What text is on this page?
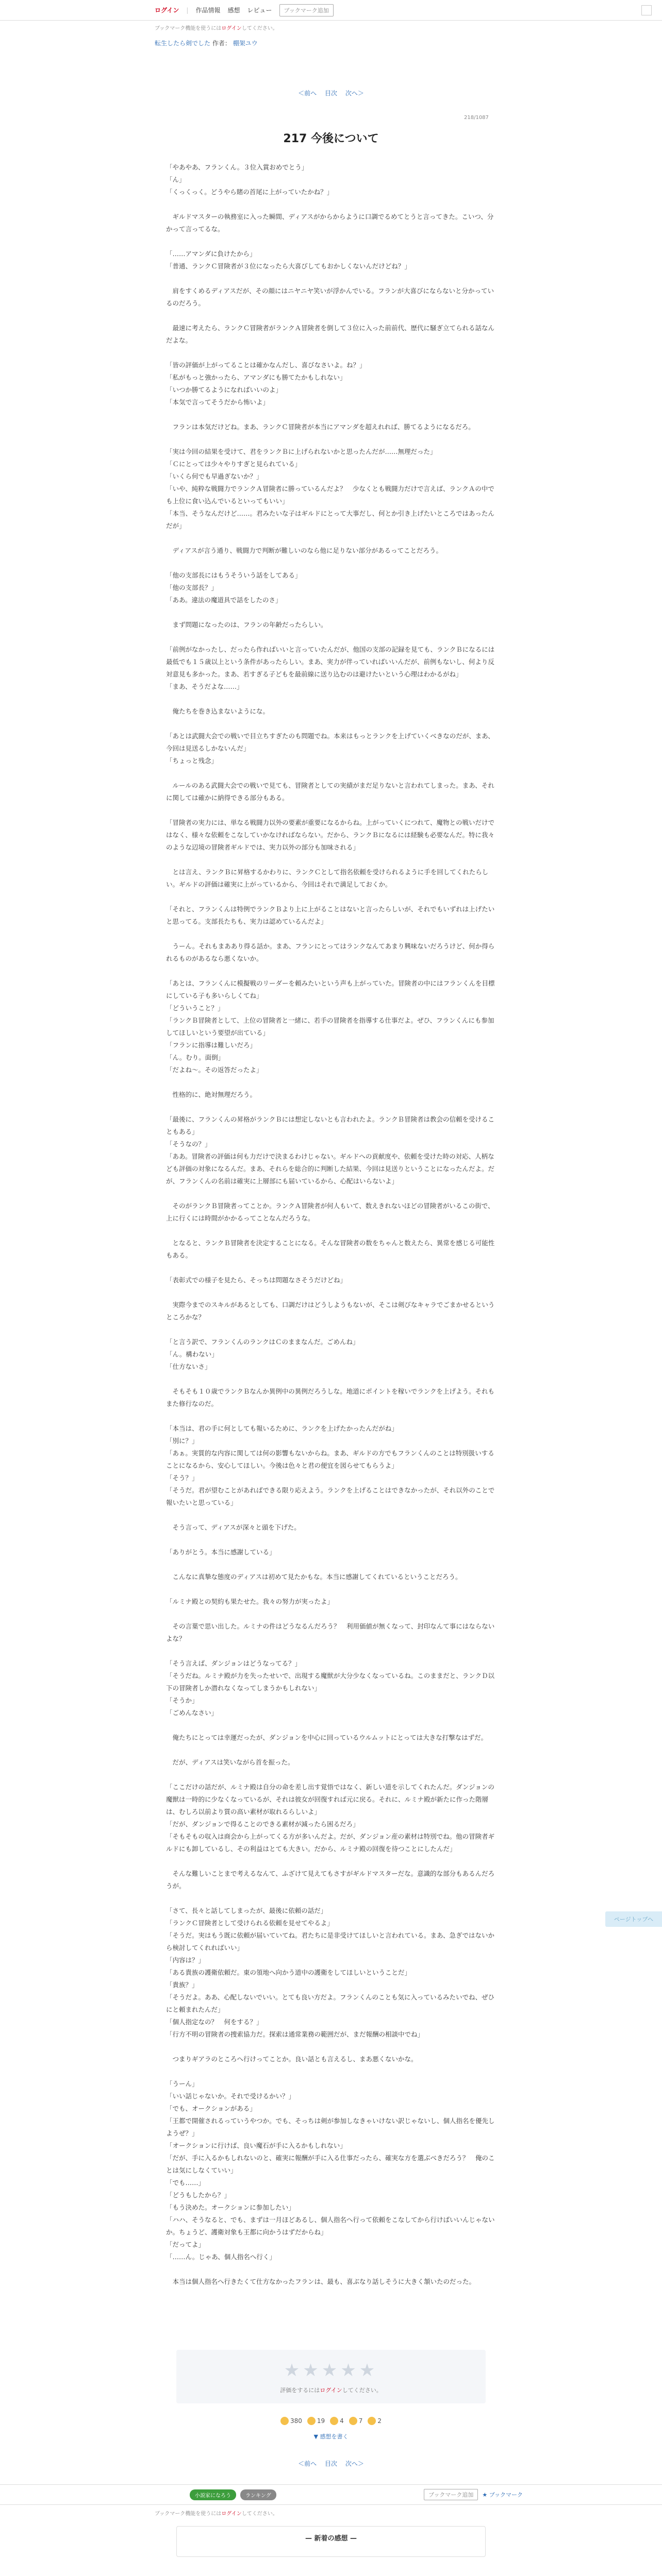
ログイン | 作品情報 感想 レビュー	ブックマーク追加
ブックマーク機能を使うにはログインしてください。
転生したら剣でした 作者： 棚架ユウ
＜前へ 目次 次へ＞
218/1087
217 今後について

「やあやあ、フランくん。３位入賞おめでとう」

「ん」

「くっくっく。どうやら賭の首尾に上がっていたかね？」

　ギルドマスターの執務室に入った瞬間、ディアスがからからように口調でるめてとうと言ってきた。こいつ、分かって言ってるな。

「……アマンダに負けたから」

「普通、ランクＣ冒険者が３位になったら大喜びしてもおかしくないんだけどね？」

　肩をすくめるディアスだが、その顔にはニヤニヤ笑いが浮かんでいる。フランが大喜びにならないと分かっているのだろう。

　最速に考えたら、ランクＣ冒険者がランクＡ冒険者を倒して３位に入った前前代、歴代に騒ぎ立てられる話なんだよな。

「皆の評価が上がってることは確かなんだし、喜びなさいよ。ね？」

「私がもっと強かったら、アマンダにも勝てたかもしれない」

「いつか勝てるようになればいいのよ」

「本気で言ってそうだから怖いよ」

　フランは本気だけどね。まあ、ランクＣ冒険者が本当にアマンダを超えれれば、勝てるようになるだろ。

「実は今回の結果を受けて、君をランクＢに上げられないかと思ったんだが……無理だった」

「Ｃにとっては少々やりすぎと見られている」

「いくら何でも早過ぎないか？」

「いや、純粋な戦闘力でランクＡ冒険者に勝っているんだよ？　少なくとも戦闘力だけで言えば、ランクＡの中でも上位に食い込んでいるといってもいい」

「本当、そうなんだけど……。君みたいな子はギルドにとって大事だし、何とか引き上げたいところではあったんだが」

　ディアスが言う通り、戦闘力で判断が難しいのなら他に足りない部分があるってことだろう。

「他の支部長にはもうそういう話をしてある」

「他の支部長？」

「ああ。違法の魔道具で話をしたのさ」

　まず問題になったのは、フランの年齢だったらしい。

「前例がなかったし、だったら作ればいいと言っていたんだが、他国の支部の記録を見ても、ランクＢになるには最低でも１５歳以上という条件があったらしい。まあ、実力が伴っていればいいんだが、前例もないし、何より反対意見も多かった。まあ、若すぎる子どもを最前線に送り込むのは避けたいという心理はわかるがね」

「まあ、そうだよな……」

　俺たちを巻き込まないようにな。

「あとは武闘大会での戦いで目立ちすぎたのも問題でね。本来はもっとランクを上げていくべきなのだが、まあ、今回は見送るしかないんだ」

「ちょっと残念」

　ルールのある武闘大会での戦いで見ても、冒険者としての実績がまだ足りないと言われてしまった。まあ、それに関しては確かに納得できる部分もある。

「冒険者の実力には、単なる戦闘力以外の要素が重要になるからね。上がっていくにつれて、魔物との戦いだけではなく、様々な依頼をこなしていかなければならない。だから、ランクＢになるには経験も必要なんだ。特に我々のような辺境の冒険者ギルドでは、実力以外の部分も加味される」

　とは言え、ランクＢに昇格するかわりに、ランクＣとして指名依頼を受けられるように手を回してくれたらしい。ギルドの評価は確実に上がっているから、今回はそれで満足しておくか。

「それと、フランくんは特例でランクＢより上に上がることはないと言ったらしいが、それでもいずれは上げたいと思ってる。支部長たちも、実力は認めているんだよ」

　うーん。それもまああり得る話か。まあ、フランにとってはランクなんてあまり興味ないだろうけど、何か得られるものがあるなら悪くないか。

「あとは、フランくんに模擬戦のリーダーを頼みたいという声も上がっていた。冒険者の中にはフランくんを目標にしている子も多いらしくてね」

「どういうこと？」

「ランクＢ冒険者として、上位の冒険者と一緒に、若手の冒険者を指導する仕事だよ。ぜひ、フランくんにも参加してほしいという要望が出ている」

「フランに指導は難しいだろ」

「ん。むり。面倒」

「だよね～。その返答だったよ」

　性格的に、絶対無理だろう。

「最後に、フランくんの昇格がランクＢには想定しないとも言われたよ。ランクＢ冒険者は教会の信頼を受けることもある」

「そうなの？」

「ああ。冒険者の評価は何も力だけで決まるわけじゃない。ギルドへの貢献度や、依頼を受けた時の対応、人柄なども評価の対象になるんだ。まあ、それらを総合的に判断した結果、今回は見送りということになったんだよ。だが、フランくんの名前は確実に上層部にも届いているから、心配はいらないよ」

　そのがランクＢ冒険者ってことか。ランクＡ冒険者が何人もいて、数えきれないほどの冒険者がいるこの街で、上に行くには時間がかかるってことなんだろうな。

　となると、ランクＢ冒険者を決定することになる。そんな冒険者の数をちゃんと数えたら、異常を感じる可能性もある。

「表彰式での様子を見たら、そっちは問題なさそうだけどね」

　実際今までのスキルがあるとしても、口調だけはどうしようもないが、そこは剣びなキャラでごまかせるというところかな？

「と言う訳で、フランくんのランクはＣのままなんだ。ごめんね」

「ん。構わない」

「仕方ないさ」

　そもそも１０歳でランクＢなんか異例中の異例だろうしな。地道にポイントを稼いでランクを上げよう。それもまた修行なのだ。

「本当は、君の手に何としても報いるために、ランクを上げたかったんだがね」

「別に？」

「あぁ。実質的な内容に関しては何の影響もないからね。まあ、ギルドの方でもフランくんのことは特別扱いすることになるから、安心してほしい。今後は色々と君の便宜を図らせてもらうよ」

「そう？」

「そうだ。君が望むことがあればできる限り応えよう。ランクを上げることはできなかったが、それ以外のことで報いたいと思っている」

　そう言って、ディアスが深々と頭を下げた。

「ありがとう。本当に感謝している」

　こんなに真摯な態度のディアスは初めて見たかもな。本当に感謝してくれているということだろう。

「ルミナ殿との契約も果たせた。我々の努力が実ったよ」

　その言葉で思い出した。ルミナの件はどうなるんだろう？　利用価値が無くなって、封印なんて事にはならないよな？

「そう言えば、ダンジョンはどうなってる？」

「そうだね。ルミナ殿が力を失ったせいで、出現する魔獣が大分少なくなっているね。このままだと、ランクＤ以下の冒険者しか潜れなくなってしまうかもしれない」

「そうか」

「ごめんなさい」

　俺たちにとっては幸運だったが、ダンジョンを中心に回っているウルムットにとっては大きな打撃なはずだ。

　だが、ディアスは笑いながら首を振った。

「ここだけの話だが、ルミナ殿は自分の命を差し出す覚悟ではなく、新しい道を示してくれたんだ。ダンジョンの魔獣は一時的に少なくなっているが、それは彼女が回復すれば元に戻る。それに、ルミナ殿が新たに作った階層は、むしろ以前より質の高い素材が取れるらしいよ」

「だが、ダンジョンで得ることのできる素材が減ったら困るだろ」

「そもそもの収入は商会から上がってくる方が多いんだよ。だが、ダンジョン産の素材は特別でね。他の冒険者ギルドにも卸しているし、その利益はとても大きい。だから、ルミナ殿の回復を待つことにしたんだ」

　そんな難しいことまで考えるなんて、ふざけて見えてもさすがギルドマスターだな。意識的な部分もあるんだろうが。

「さて、長々と話してしまったが、最後に依頼の話だ」

「ランクＣ冒険者として受けられる依頼を見せてやるよ」

「そうだ。実はもう既に依頼が届いていてね。君たちに是非受けてほしいと言われている。まあ、急ぎではないから検討してくれればいい」

「内容は？」

「ある貴族の護衛依頼だ。東の領地へ向かう道中の護衛をしてほしいということだ」

「貴族？」

「そうだよ。ああ、心配しないでいい。とても良い方だよ。フランくんのことも気に入っているみたいでね、ぜひにと頼まれたんだ」

「個人指定なの？　何をする？」

「行方不明の冒険者の捜索協力だ。探索は通常業務の範囲だが、まだ報酬の相談中でね」

　つまりギアラのところへ行けってことか。良い話とも言えるし、まあ悪くないかな。

「うーん」

「いい話じゃないか。それで受けるかい？」

「でも、オークションがある」

「王都で開催されるっていうやつか。でも、そっちは剣が参加しなきゃいけない訳じゃないし、個人指名を優先しようぜ？」

「オークションに行けば、良い魔石が手に入るかもしれない」

「だが、手に入るかもしれないのと、確実に報酬が手に入る仕事だったら、確実な方を選ぶべきだろう？　俺のことは気にしなくていい」

「でも……」

「どうもしたから？」

「もう決めた。オークションに参加したい」

「ハハ、そうなると、でも、まずは一月ほどあるし、個人指名へ行って依頼をこなしてから行けばいいんじゃないか。ちょうど、護衛対象も王都に向かうはずだからね」

「だってよ」

「……ん。じゃあ、個人指名へ行く」

　本当は個人指名へ行きたくて仕方なかったフランは、最も、喜ぶなり話しそうに大きく頷いたのだった。

ページトップへ
★★★★★
評価をするにはログインしてください。
380 19 4 7 2
▼ 感想を書く
＜前へ 目次 次へ＞
小説家になろう	ランキング	ブックマーク追加	★ ブックマーク
ブックマーク機能を使うにはログインしてください。
— 新着の感想 —
